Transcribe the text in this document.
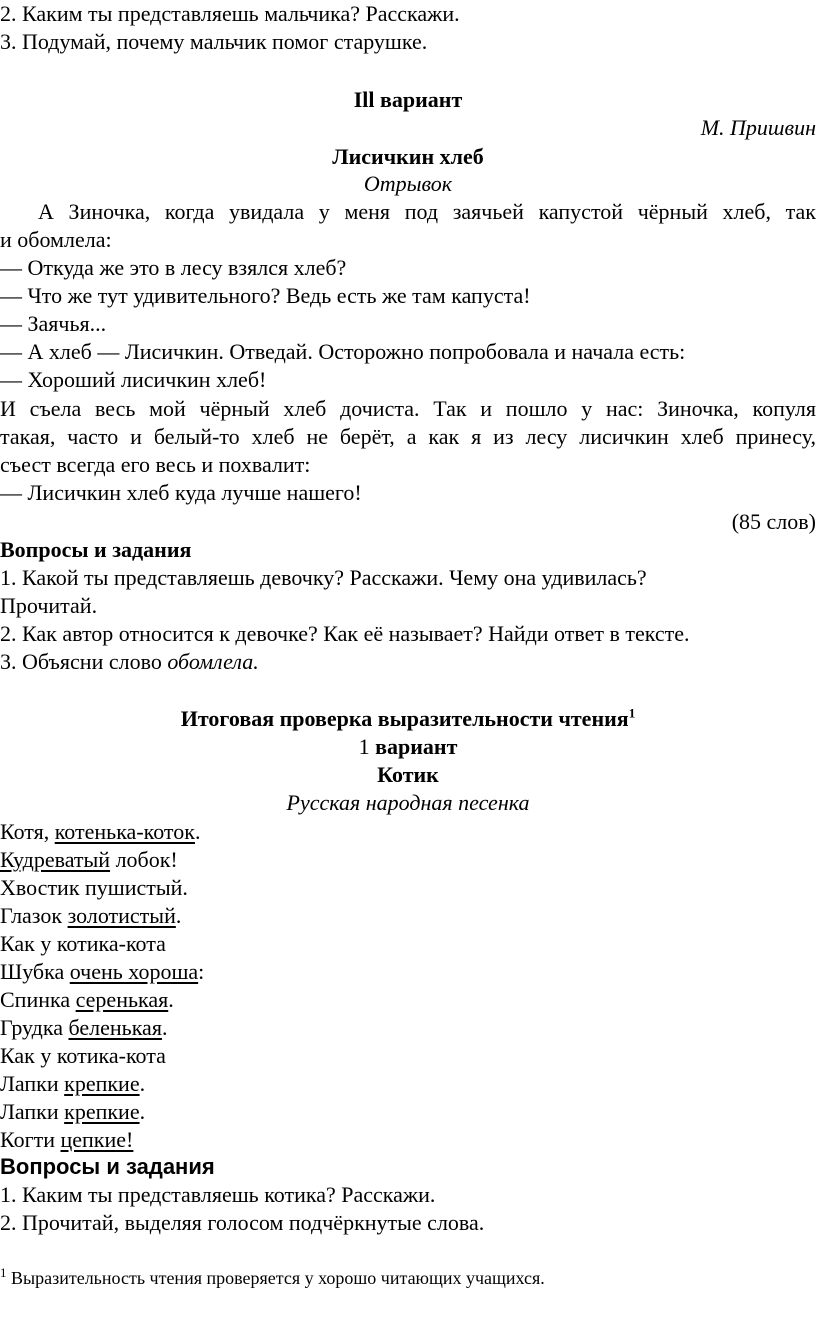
2. Каким ты представляешь мальчика? Расскажи.
3. Подумай, почему мальчик помог старушке.
Ill вариант
М. Пришвин
Лисичкин хлеб
Отрывок
А Зиночка, когда увидала у меня под заячьей капустой чёрный хлеб, так
и обомлела:
— Откуда же это в лесу взялся хлеб?
— Что же тут удивительного? Ведь есть же там капуста!
— Заячья...
— А хлеб — Лисичкин. Отведай. Осторожно попробовала и начала есть:
— Хороший лисичкин хлеб!
И съела весь мой чёрный хлеб дочиста. Так и пошло у нас: Зиночка, копуля
такая, часто и белый-то хлеб не берёт, а как я из лесу лисичкин хлеб принесу,
съест всегда его весь и похвалит:
— Лисичкин хлеб куда лучше нашего!
(85 слов)
Вопросы и задания
1. Какой ты представляешь девочку? Расскажи. Чему она удивилась?
Прочитай.
2. Как автор относится к девочке? Как её называет? Найди ответ в тексте.
3. Объясни слово обомлела.
Итоговая проверка выразительности чтения$^1$
1 вариант
Котик
Русская народная песенка
Котя, котенька-коток.
Кудреватый лобок!
Хвостик пушистый.
Глазок золотистый.
Как у котика-кота
Шубка очень хороша:
Спинка серенькая.
Грудка беленькая.
Как у котика-кота
Лапки крепкие.
Лапки крепкие.
Когти цепкие!
Вопросы и задания
1. Каким ты представляешь котика? Расскажи.
2. Прочитай, выделяя голосом подчёркнутые слова.
$^1$ Выразительность чтения проверяется у хорошо читающих учащихся.
